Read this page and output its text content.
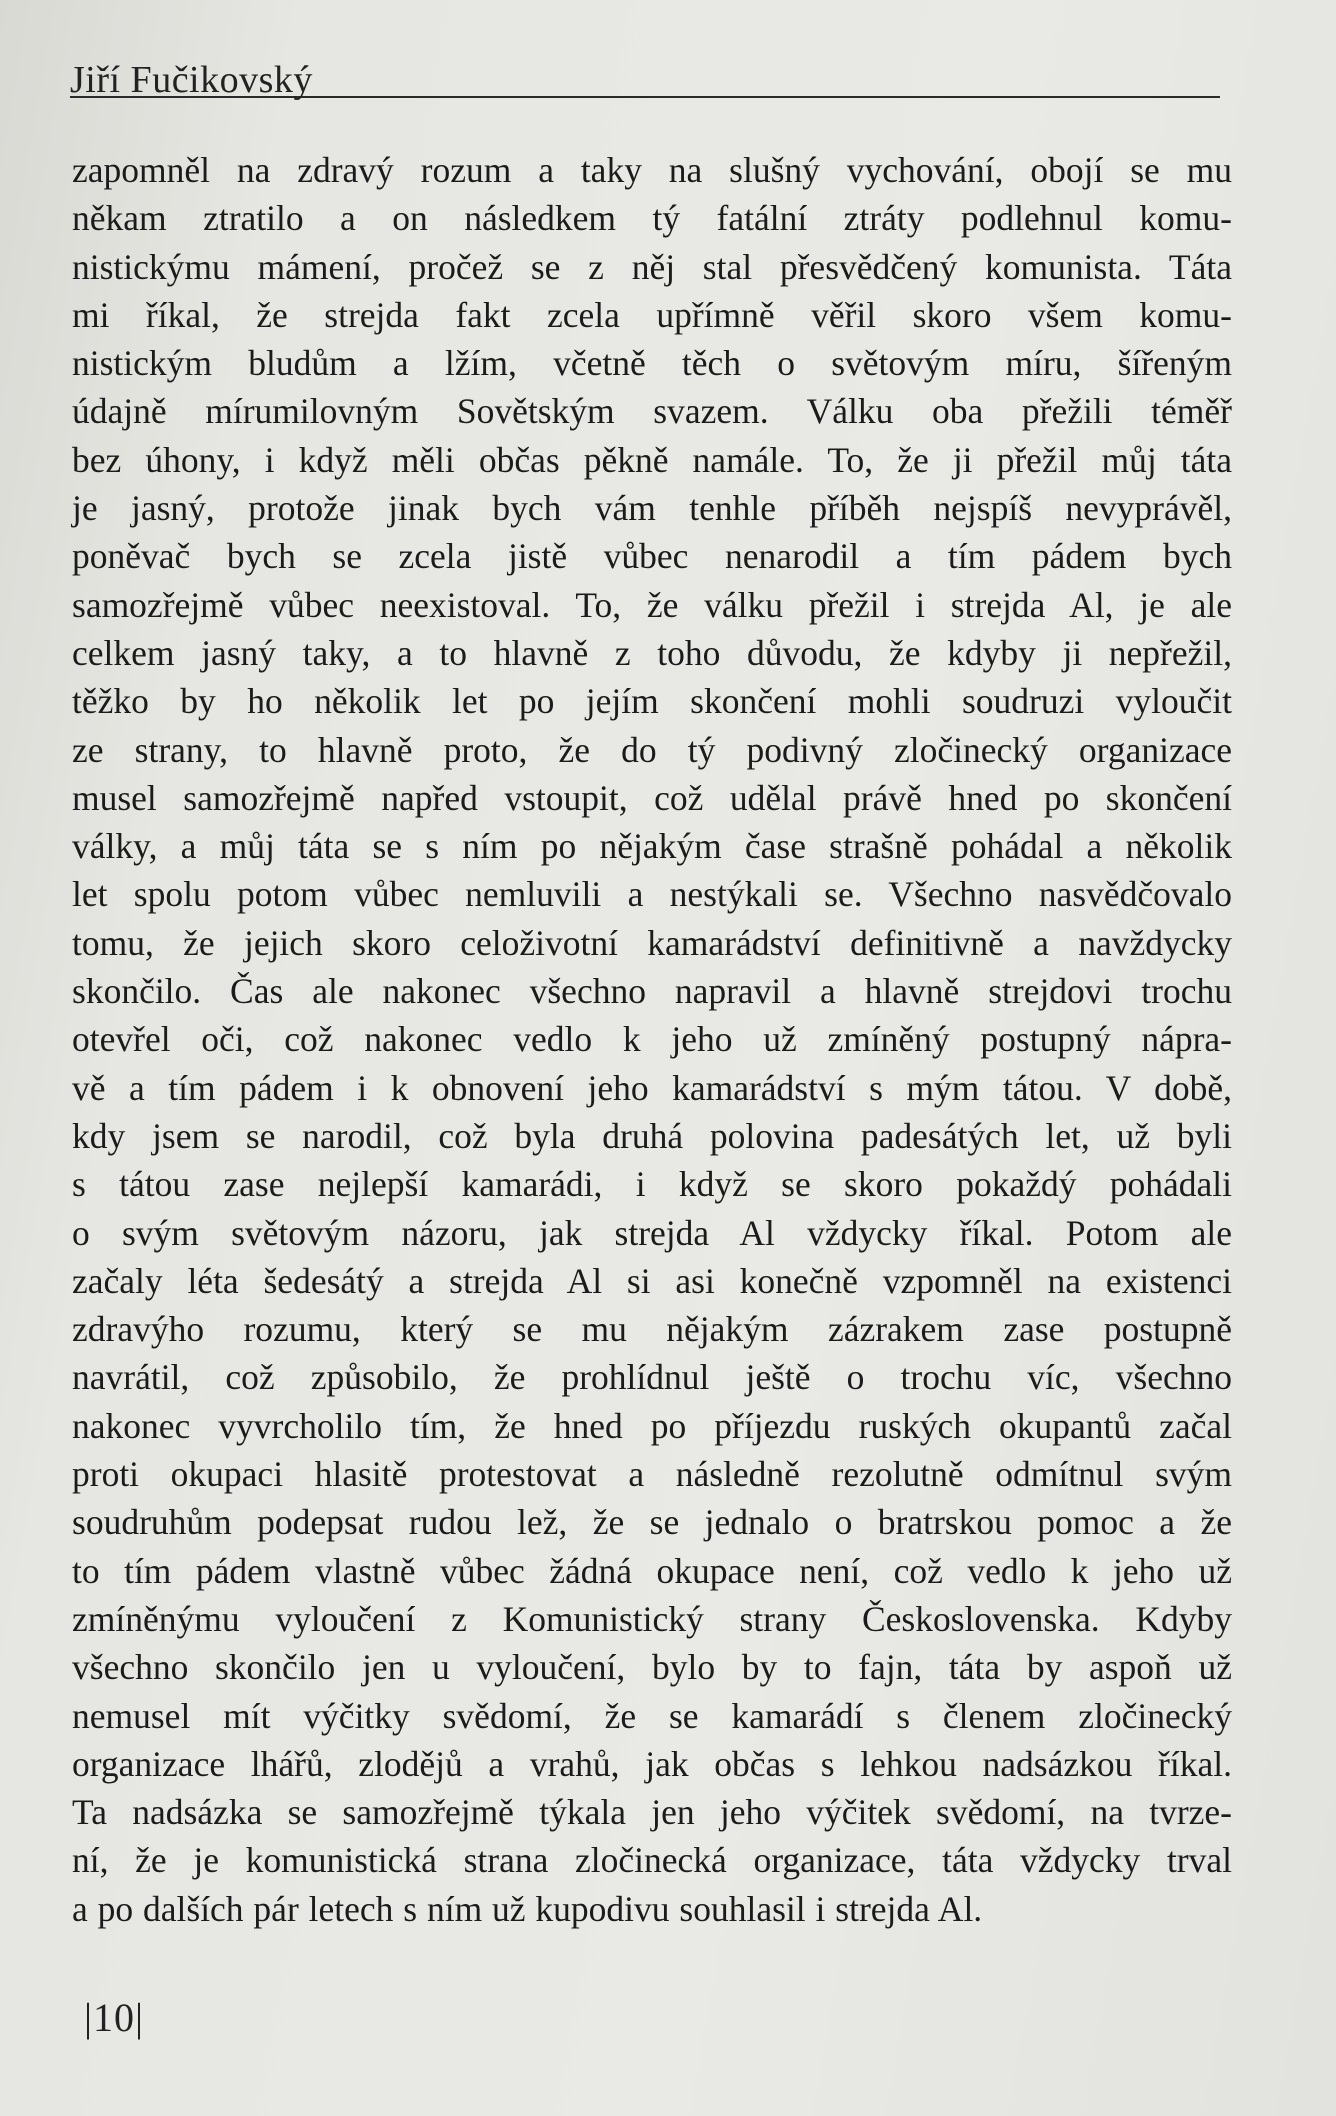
Jiří Fučikovský

zapomněl na zdravý rozum a taky na slušný vychování, obojí se mu
někam ztratilo a on následkem tý fatální ztráty podlehnul komu-
nistickýmu mámení, pročež se z něj stal přesvědčený komunista. Táta
mi říkal, že strejda fakt zcela upřímně věřil skoro všem komu-
nistickým bludům a lžím, včetně těch o světovým míru, šířeným
údajně mírumilovným Sovětským svazem. Válku oba přežili téměř
bez úhony, i když měli občas pěkně namále. To, že ji přežil můj táta
je jasný, protože jinak bych vám tenhle příběh nejspíš nevyprávěl,
poněvač bych se zcela jistě vůbec nenarodil a tím pádem bych
samozřejmě vůbec neexistoval. To, že válku přežil i strejda Al, je ale
celkem jasný taky, a to hlavně z toho důvodu, že kdyby ji nepřežil,
těžko by ho několik let po jejím skončení mohli soudruzi vyloučit
ze strany, to hlavně proto, že do tý podivný zločinecký organizace
musel samozřejmě napřed vstoupit, což udělal právě hned po skončení
války, a můj táta se s ním po nějakým čase strašně pohádal a několik
let spolu potom vůbec nemluvili a nestýkali se. Všechno nasvědčovalo
tomu, že jejich skoro celoživotní kamarádství definitivně a navždycky
skončilo. Čas ale nakonec všechno napravil a hlavně strejdovi trochu
otevřel oči, což nakonec vedlo k jeho už zmíněný postupný nápra-
vě a tím pádem i k obnovení jeho kamarádství s mým tátou. V době,
kdy jsem se narodil, což byla druhá polovina padesátých let, už byli
s tátou zase nejlepší kamarádi, i když se skoro pokaždý pohádali
o svým světovým názoru, jak strejda Al vždycky říkal. Potom ale
začaly léta šedesátý a strejda Al si asi konečně vzpomněl na existenci
zdravýho rozumu, který se mu nějakým zázrakem zase postupně
navrátil, což způsobilo, že prohlídnul ještě o trochu víc, všechno
nakonec vyvrcholilo tím, že hned po příjezdu ruských okupantů začal
proti okupaci hlasitě protestovat a následně rezolutně odmítnul svým
soudruhům podepsat rudou lež, že se jednalo o bratrskou pomoc a že
to tím pádem vlastně vůbec žádná okupace není, což vedlo k jeho už
zmíněnýmu vyloučení z Komunistický strany Československa. Kdyby
všechno skončilo jen u vyloučení, bylo by to fajn, táta by aspoň už
nemusel mít výčitky svědomí, že se kamarádí s členem zločinecký
organizace lhářů, zlodějů a vrahů, jak občas s lehkou nadsázkou říkal.
Ta nadsázka se samozřejmě týkala jen jeho výčitek svědomí, na tvrze-
ní, že je komunistická strana zločinecká organizace, táta vždycky trval
a po dalších pár letech s ním už kupodivu souhlasil i strejda Al.

|10|
